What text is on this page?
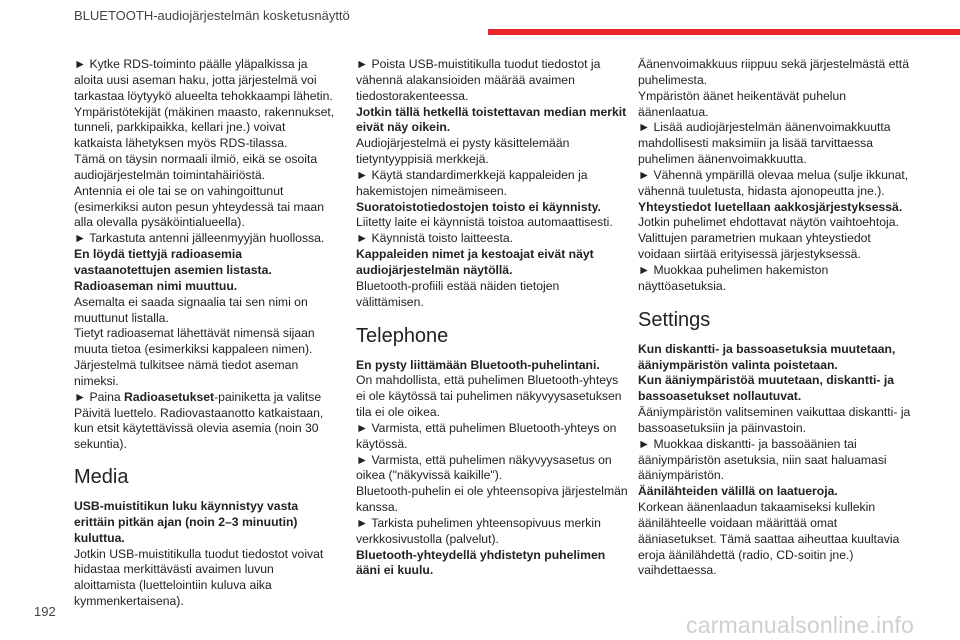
BLUETOOTH-audiojärjestelmän kosketusnäyttö

► Kytke RDS-toiminto päälle yläpalkissa ja aloita uusi aseman haku, jotta järjestelmä voi tarkastaa löytyykö alueelta tehokkaampi lähetin.

Ympäristötekijät (mäkinen maasto, rakennukset, tunneli, parkkipaikka, kellari jne.) voivat katkaista lähetyksen myös RDS-tilassa.

Tämä on täysin normaali ilmiö, eikä se osoita audiojärjestelmän toimintahäiriöstä.

Antennia ei ole tai se on vahingoittunut (esimerkiksi auton pesun yhteydessä tai maan alla olevalla pysäköintialueella).

► Tarkastuta antenni jälleenmyyjän huollossa.

En löydä tiettyjä radioasemia vastaanotettujen asemien listasta.

Radioaseman nimi muuttuu.

Asemalta ei saada signaalia tai sen nimi on muuttunut listalla.

Tietyt radioasemat lähettävät nimensä sijaan muuta tietoa (esimerkiksi kappaleen nimen).

Järjestelmä tulkitsee nämä tiedot aseman nimeksi.

► Paina Radioasetukset-painiketta ja valitse Päivitä luettelo. Radiovastaanotto katkaistaan, kun etsit käytettävissä olevia asemia (noin 30 sekuntia).

Media

USB-muistitikun luku käynnistyy vasta erittäin pitkän ajan (noin 2–3 minuutin) kuluttua.

Jotkin USB-muistitikulla tuodut tiedostot voivat hidastaa merkittävästi avaimen luvun aloittamista (luettelointiin kuluva aika kymmenkertaisena).

► Poista USB-muistitikulla tuodut tiedostot ja vähennä alakansioiden määrää avaimen tiedostorakenteessa.

Jotkin tällä hetkellä toistettavan median merkit eivät näy oikein.

Audiojärjestelmä ei pysty käsittelemään tietyntyyppisiä merkkejä.

► Käytä standardimerkkejä kappaleiden ja hakemistojen nimeämiseen.

Suoratoistotiedostojen toisto ei käynnisty.

Liitetty laite ei käynnistä toistoa automaattisesti.

► Käynnistä toisto laitteesta.

Kappaleiden nimet ja kestoajat eivät näyt audiojärjestelmän näytöllä.

Bluetooth-profiili estää näiden tietojen välittämisen.

Telephone

En pysty liittämään Bluetooth-puhelintani.

On mahdollista, että puhelimen Bluetooth-yhteys ei ole käytössä tai puhelimen näkyvyysasetuksen tila ei ole oikea.

► Varmista, että puhelimen Bluetooth-yhteys on käytössä.

► Varmista, että puhelimen näkyvyysasetus on oikea ("näkyvissä kaikille").

Bluetooth-puhelin ei ole yhteensopiva järjestelmän kanssa.

► Tarkista puhelimen yhteensopivuus merkin verkkosivustolla (palvelut).

Bluetooth-yhteydellä yhdistetyn puhelimen ääni ei kuulu.

Äänenvoimakkuus riippuu sekä järjestelmästä että puhelimesta.

Ympäristön äänet heikentävät puhelun äänenlaatua.

► Lisää audiojärjestelmän äänenvoimakkuutta mahdollisesti maksimiin ja lisää tarvittaessa puhelimen äänenvoimakkuutta.

► Vähennä ympärillä olevaa melua (sulje ikkunat, vähennä tuuletusta, hidasta ajonopeutta jne.).

Yhteystiedot luetellaan aakkosjärjestyksessä.

Jotkin puhelimet ehdottavat näytön vaihtoehtoja. Valittujen parametrien mukaan yhteystiedot voidaan siirtää erityisessä järjestyksessä.

► Muokkaa puhelimen hakemiston näyttöasetuksia.

Settings

Kun diskantti- ja bassoasetuksia muutetaan, ääniympäristön valinta poistetaan.

Kun ääniympäristöä muutetaan, diskantti- ja bassoasetukset nollautuvat.

Ääniympäristön valitseminen vaikuttaa diskantti- ja bassoasetuksiin ja päinvastoin.

► Muokkaa diskantti- ja bassoäänien tai ääniympäristön asetuksia, niin saat haluamasi ääniympäristön.

Äänilähteiden välillä on laatueroja.

Korkean äänenlaadun takaamiseksi kullekin äänilähteelle voidaan määrittää omat ääniasetukset. Tämä saattaa aiheuttaa kuultavia eroja äänilähdettä (radio, CD-soitin jne.) vaihdettaessa.

192
carmanualsonline.info
